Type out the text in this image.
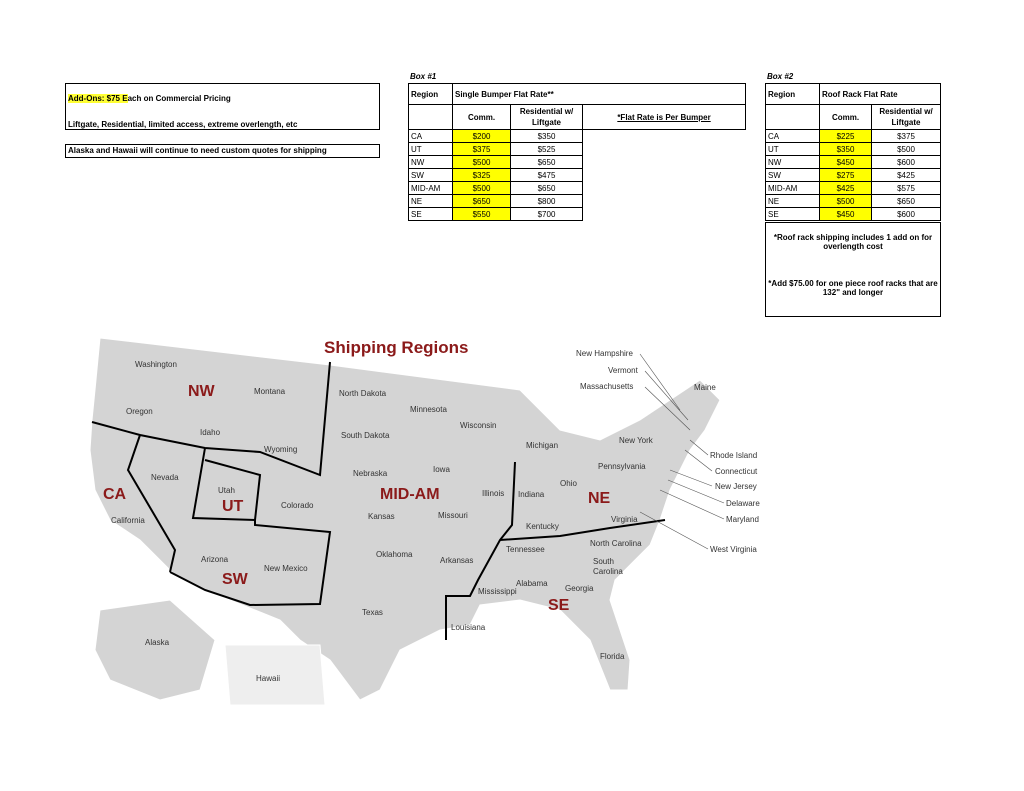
Add-Ons: $75 Each on Commercial Pricing
Liftgate, Residential, limited access, extreme overlength, etc
Alaska and Hawaii will continue to need custom quotes for shipping
Box #1
Region	Single Bumper Flat Rate**		
	Comm.	Residential w/ Liftgate	*Flat Rate is Per Bumper
CA	$200	$350	
UT	$375	$525	
NW	$500	$650	
SW	$325	$475	
MID-AM	$500	$650	
NE	$650	$800	
SE	$550	$700	
Box #2
Region	Roof Rack Flat Rate	
	Comm.	Residential w/ Liftgate
CA	$225	$375
UT	$350	$500
NW	$450	$600
SW	$275	$425
MID-AM	$425	$575
NE	$500	$650
SE	$450	$600
*Roof rack shipping includes 1 add on for overlength cost
*Add $75.00 for one piece roof racks that are 132" and longer
Shipping Regions
NW
CA
UT
SW
MID-AM	NE
SE
Washington
Oregon
California
Idaho
Nevada
Montana
Wyoming
Utah
Colorado
Arizona
New Mexico
North Dakota
South Dakota
Nebraska
Kansas
Oklahoma
Texas
Minnesota
Iowa
Missouri
Arkansas
Louisiana
Wisconsin
Illinois
Michigan
Indiana
Ohio
Kentucky
Tennessee
Mississippi
Alabama
Georgia
Florida
South Carolina
North Carolina
Virginia
West Virginia
Pennsylvania
New York
Maine
New Hampshire
Vermont
Massachusetts
Rhode Island
Connecticut
New Jersey
Delaware
Maryland
Alaska
Hawaii
